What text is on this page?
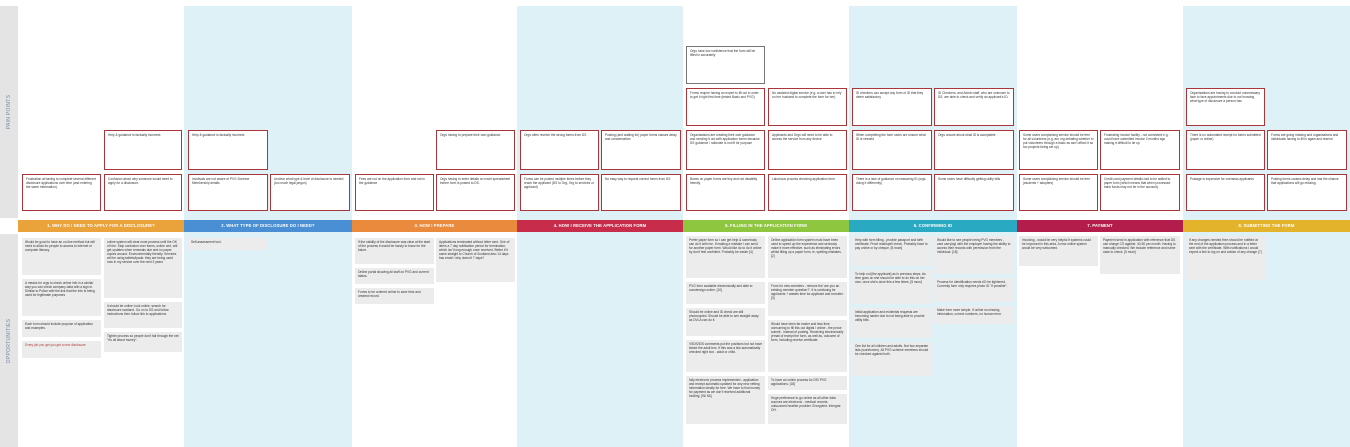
PAIN POINTS
OPPORTUNITIES
1. WHY DO I NEED TO APPLY FOR A DISCLOSURE?	2. WHAT TYPE OF DISCLOSURE DO I NEED?	3. HOW I PREPARE	4. HOW I RECEIVE THE APPLICATION FORM	5. FILLING IN THE APPLICATION FORM	6. CONFIRMING ID	7. PAYMENT	8. SUBMITTING THE FORM
Frustration at having to complete several different disclosure applications over time (and entering the same information).
Help & guidance is factually incorrect.
Confusion about why someone would need to apply for a disclosure.
Help & guidance is factually incorrect.
Invidivals are not aware of PVG Scheme Membership details
Unclear what type & level of disclosure is needed (too much legal jargon)
Fees are not on the application form and not in the guidance
Orgs having to prepare their own guidance.
Orgs having to enter details on excel spreadsheet before form is posted to DS.
Orgs often receive the wrong forms from DS	Posting (and waiting for) paper forms causes delay and consternation.
Forms can be posted multiple times before they reach the applicant (DS to Org, Org to services or applicant)
No easy way to request correct forms from DS
Orgs have low confidence that the form will be filled in accurately
Forms require having an expert to fill out in order to get it right first time (tested Basic and PVG)
No assisted digital service (e.g. a user has to rely on her husband to complete the form for her)
Organisations are creating their own guidance and sending it out with application forms because DS guidance / rationale is not fit for purpose
Applicants and Orgs will need to be able to access the service from any device
Boxes on paper forms are tiny and not disability friendly
Laborious process checking application form
ID checkers can accept any form of ID that they deem satisfactory
ID Checkers, and Admin staff, who are unknown to DS, are able to check and verify an applicant's ID.
When completing the form users are unsure what ID is needed
Orgs unsure about what ID is acceptable
There is a lack of guidance on reasoning ID (orgs doing it differently)
Some users have difficulty getting utility bills
Some users complaining service should be free for all volunteers (e.g. are org debating whether to put volunteers through a basic as can't afford it so too projects being set up)
Frustrating invoice facility - not consistent e.g. could have submitted invoice 2 months ago making it difficult to tie up
Some users complaining service should be free (students + adopters)
Credit card payment details had to be added to paper form (which means that when processed bank funds may not be in the account).
Organisations are having to conduct unnecessary face to face appointments due to not knowing what type of disclosure a person has
There is no automated receipt for forms submitted (paper or online)
Forms are going missing and organisations and individuals having to fill in again and resend
Postage is expensive for overseas applicants	Posting forms causes delay and has the chance that applications will go missing.
Would be good to have an on-line method but will need to allow for people to access to internet or computer literacy.
A means for orgs to check online info in a similar way you can check company data with a sign in. Similar to Police with the tick that the info is being used for legitimate purposes
Each form should include purpose of application and examples.
Every job you get you get a new disclosure
online system will clear most process until the OK of hire. Stop confusion over forms, online cert, will get updates when renewals due and no paper copies around. Environmentally friendly. Services will be using tablets/ipads: they are being used now in my service over the next 3 years
it should be online: look online, search for disclosure scotland. Go on to DS and follow instructions then follow link to applications
Tighter process so people don't fall through the net "it's all about money".
Self-assessment tool.	If the validity of the disclosure was clear at the start of the process it would be handy to know for the future.
Online portal showing all staff on PVG and current status.
Forms to be ordered online to save time and created record.
Applications terminated without letter sent. One of items a 7 day notification period for termination, which isn't long enough once received. Better if it came straight to Church of Scotland also 14 days has email / why doesn't 7 days?
Prefer paper form so I can get help & somebody can do it with me. If making a mistake I can send for another paper form. Would like do to do it online by don't feel confident. Probably be easier [4]
PVG form available electronically and able to countersign online. [10]
Should be online and ID check are still photocopied. Should be able to see straight away as DVLA can do it.
VSDS/IDS comments put the positions but not have ticked the adult box. If this was a tick automatically checked right box - adult or child.
fully electronic process implemented - application and receipt automatic updated for any new vetting information ideally for free. We have to find money for payment as we don't received additional funding. [9& 9A]
Online application form system must have been used to speed up the experience and seriously make it more effective, such as eliminating errors whilst filling up a paper form, ie, spelling mistakes. [2]
Form for new members - remove the 'are you an existing member question?'. It is confusing for applicants + wastes time for applicant and recruiter. [3]
Would have been far easier and less time consuming to fill this out digital / online - the prose submit - instead of posting. Receiving electronically (email of receipt the form, as well as, outcome of form, including receive certificate.
To have an online process for DS/ PVG applications. [18]
Huge preference to go online as all other data sources are electronic - medical records outsourced heather provider. Encrypted. Intergral OH.
Help with form filling - provide passport and birth certificate. Proof read/spell check. Probably have to pay online or by cheque. [5 mum]
To help out [the applicant] as in previous steps. As time goes on she should be able to do this on her own, once she's done this a few times. [5 mum]
Initial application and evidential requests are becoming harder due to not being able to provide utility bills.
One list for all children and adults. Not two separate lists (workforces). All PVG scheme members should be checked against both.
Would like to see people being PVG members - card carrying! with the employer having the ability to access their records with permission from the individual. [18]
Process for identification needs rID be tightened. Currently form only requires photo ID "if possible".
Make form more simple. If online no missing information, correct numbers, no human error
Invoicing - would be very helpful if systems could be improved in this area. A new online system would be very welcomed.
Payment send in application with reference that DS can charge CS against. 40-50 per month. Having to manually checked. We include reference and name case to check. [5 mum]
If any changes needed then should be notified at the end of the application process and in a letter sent with the certificate. With notifications I would expect a link to log on and advise of any change [7]
